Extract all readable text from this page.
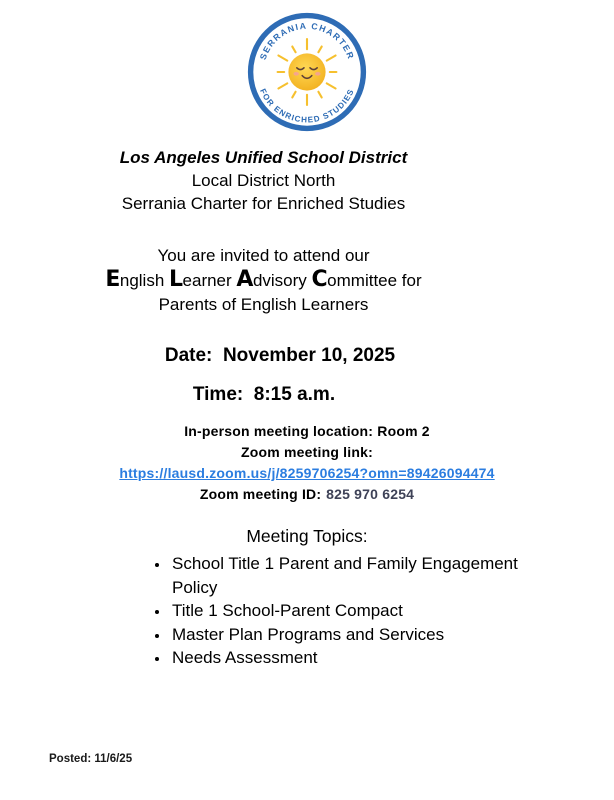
SERRANIA CHARTER
FOR ENRICHED STUDIES

Los Angeles Unified School District

Local District North

Serrania Charter for Enriched Studies

You are invited to attend our

English Learner Advisory Committee for

Parents of English Learners

Date:  November 10, 2025

Time:  8:15 a.m.

In-person meeting location: Room 2

Zoom meeting link:

https://lausd.zoom.us/j/8259706254?omn=89426094474

Zoom meeting ID: 825 970 6254

Meeting Topics:

• School Title 1 Parent and Family Engagement Policy
• Title 1 School-Parent Compact
• Master Plan Programs and Services
• Needs Assessment

Posted: 11/6/25
